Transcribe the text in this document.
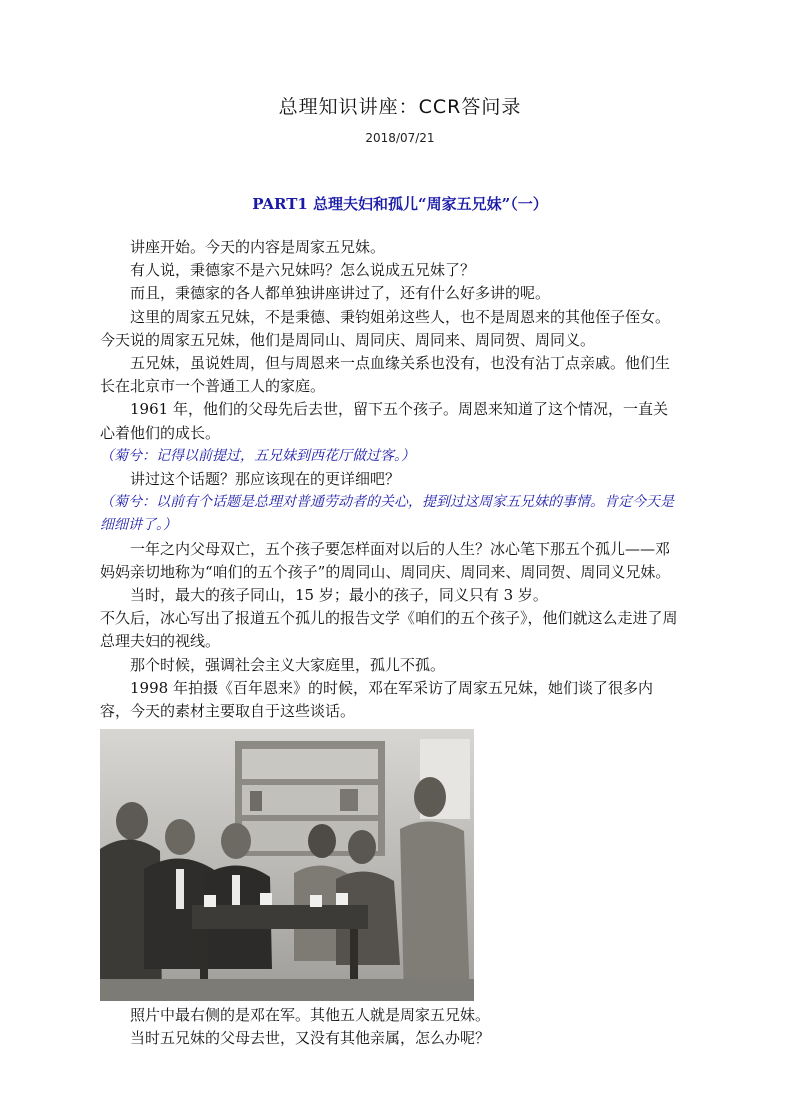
总理知识讲座：CCR答问录
2018/07/21
PART1 总理夫妇和孤儿“周家五兄妹”（一）

讲座开始。今天的内容是周家五兄妹。

有人说，秉德家不是六兄妹吗？怎么说成五兄妹了？

而且，秉德家的各人都单独讲座讲过了，还有什么好多讲的呢。

这里的周家五兄妹，不是秉德、秉钧姐弟这些人，也不是周恩来的其他侄子侄女。今天说的周家五兄妹，他们是周同山、周同庆、周同来、周同贺、周同义。

五兄妹，虽说姓周，但与周恩来一点血缘关系也没有，也没有沾丁点亲戚。他们生长在北京市一个普通工人的家庭。

1961 年，他们的父母先后去世，留下五个孩子。周恩来知道了这个情况，一直关心着他们的成长。

（菊兮：记得以前提过，五兄妹到西花厅做过客。）

讲过这个话题？那应该现在的更详细吧？

（菊兮：以前有个话题是总理对普通劳动者的关心，提到过这周家五兄妹的事情。肯定今天是细细讲了。）

一年之内父母双亡，五个孩子要怎样面对以后的人生？冰心笔下那五个孤儿——邓妈妈亲切地称为“咱们的五个孩子”的周同山、周同庆、周同来、周同贺、周同义兄妹。

当时，最大的孩子同山，15 岁；最小的孩子，同义只有 3 岁。

不久后，冰心写出了报道五个孤儿的报告文学《咱们的五个孩子》，他们就这么走进了周总理夫妇的视线。

那个时候，强调社会主义大家庭里，孤儿不孤。

1998 年拍摄《百年恩来》的时候，邓在军采访了周家五兄妹，她们谈了很多内容，今天的素材主要取自于这些谈话。

照片中最右侧的是邓在军。其他五人就是周家五兄妹。

当时五兄妹的父母去世，又没有其他亲属，怎么办呢？
